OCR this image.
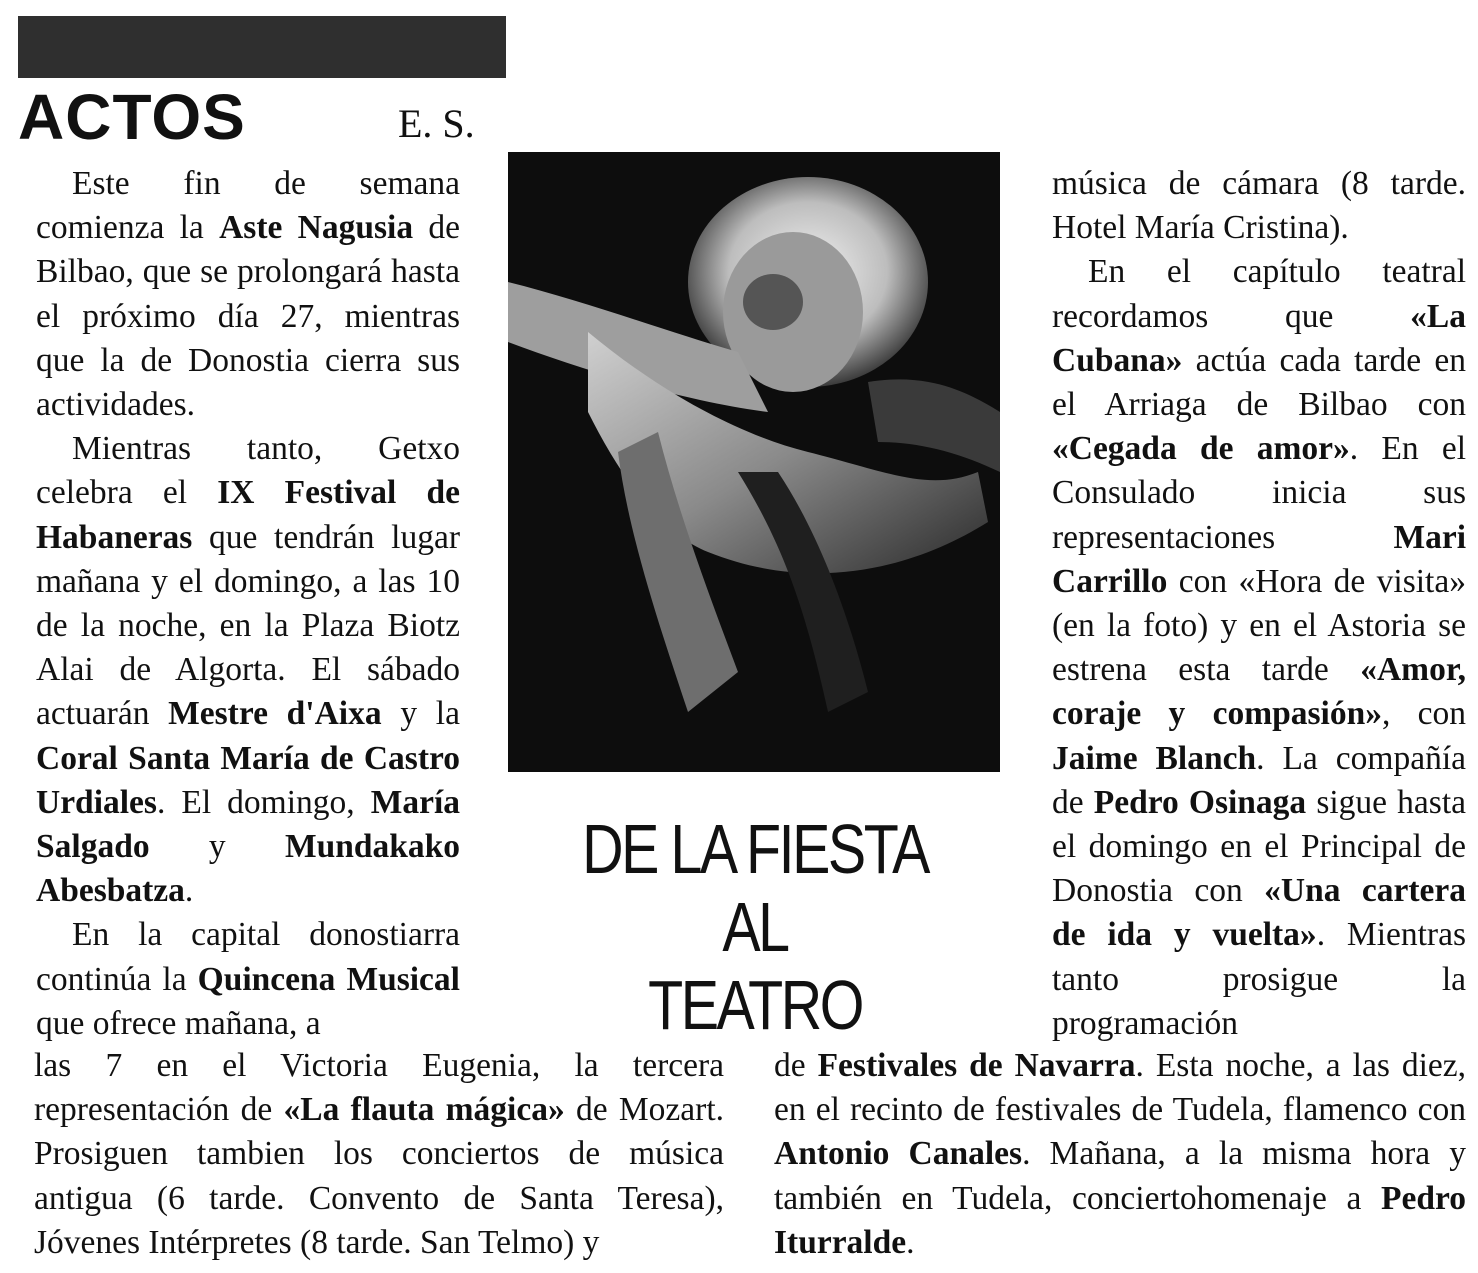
ACTOS	E. S.

Este fin de semana comienza la Aste Nagusia de Bilbao, que se prolongará hasta el próximo día 27, mientras que la de Donostia cierra sus actividades.

Mientras tanto, Getxo celebra el IX Festival de Habaneras que tendrán lugar mañana y el domingo, a las 10 de la noche, en la Plaza Biotz Alai de Algorta. El sábado actuarán Mestre d'Aixa y la Coral Santa María de Castro Urdiales. El domingo, María Salgado y Mundakako Abesbatza.

En la capital donostiarra continúa la Quincena Musical que ofrece mañana, a

DE LA FIESTA AL
TEATRO

música de cámara (8 tarde. Hotel María Cristina).

En el capítulo teatral recordamos que «La Cubana» actúa cada tarde en el Arriaga de Bilbao con «Cegada de amor». En el Consulado inicia sus representaciones Mari Carrillo con «Hora de visita» (en la foto) y en el Astoria se estrena esta tarde «Amor, coraje y compasión», con Jaime Blanch. La compañía de Pedro Osinaga sigue hasta el domingo en el Principal de Donostia con «Una cartera de ida y vuelta». Mientras tanto prosigue la programación

las 7 en el Victoria Eugenia, la tercera representación de «La flauta mágica» de Mozart. Prosiguen tambien los conciertos de música antigua (6 tarde. Convento de Santa Teresa), Jóvenes Intérpretes (8 tarde. San Telmo) y

de Festivales de Navarra. Esta noche, a las diez, en el recinto de festivales de Tudela, flamenco con Antonio Canales. Mañana, a la misma hora y también en Tudela, conciertohomenaje a Pedro Iturralde.
